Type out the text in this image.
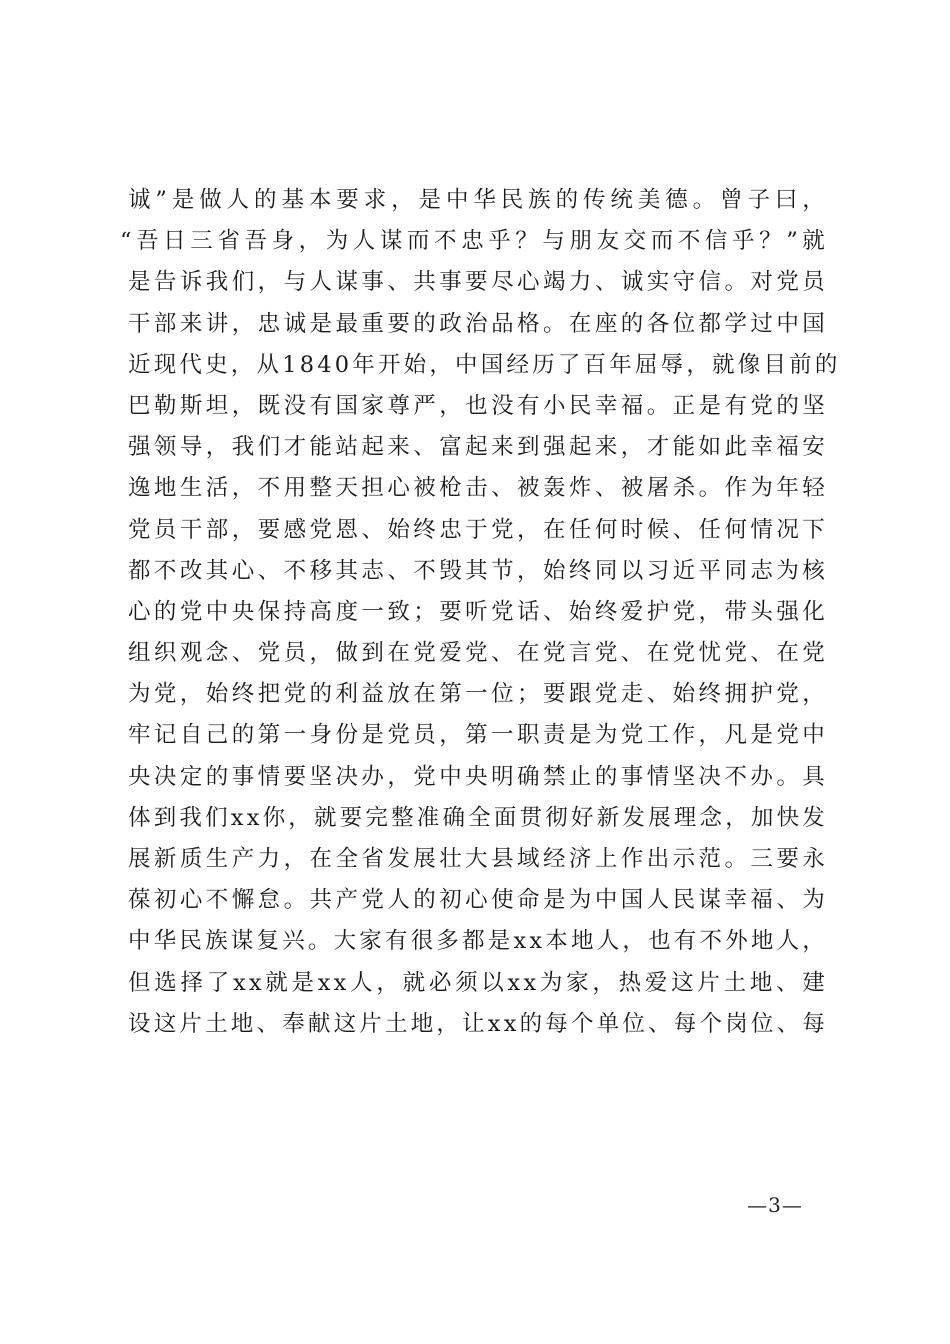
诚”是做人的基本要求，是中华民族的传统美德。曾子曰，
“吾日三省吾身，为人谋而不忠乎？与朋友交而不信乎？”就
是告诉我们，与人谋事、共事要尽心竭力、诚实守信。对党员
干部来讲，忠诚是最重要的政治品格。在座的各位都学过中国
近现代史，从1840年开始，中国经历了百年屈辱，就像目前的
巴勒斯坦，既没有国家尊严，也没有小民幸福。正是有党的坚
强领导，我们才能站起来、富起来到强起来，才能如此幸福安
逸地生活，不用整天担心被枪击、被轰炸、被屠杀。作为年轻
党员干部，要感党恩、始终忠于党，在任何时候、任何情况下
都不改其心、不移其志、不毁其节，始终同以习近平同志为核
心的党中央保持高度一致；要听党话、始终爱护党，带头强化
组织观念、党员，做到在党爱党、在党言党、在党忧党、在党
为党，始终把党的利益放在第一位；要跟党走、始终拥护党，
牢记自己的第一身份是党员，第一职责是为党工作，凡是党中
央决定的事情要坚决办，党中央明确禁止的事情坚决不办。具
体到我们xx你，就要完整准确全面贯彻好新发展理念，加快发
展新质生产力，在全省发展壮大县域经济上作出示范。三要永
葆初心不懈怠。共产党人的初心使命是为中国人民谋幸福、为
中华民族谋复兴。大家有很多都是xx本地人，也有不外地人，
但选择了xx就是xx人，就必须以xx为家，热爱这片土地、建
设这片土地、奉献这片土地，让xx的每个单位、每个岗位、每
—3—
